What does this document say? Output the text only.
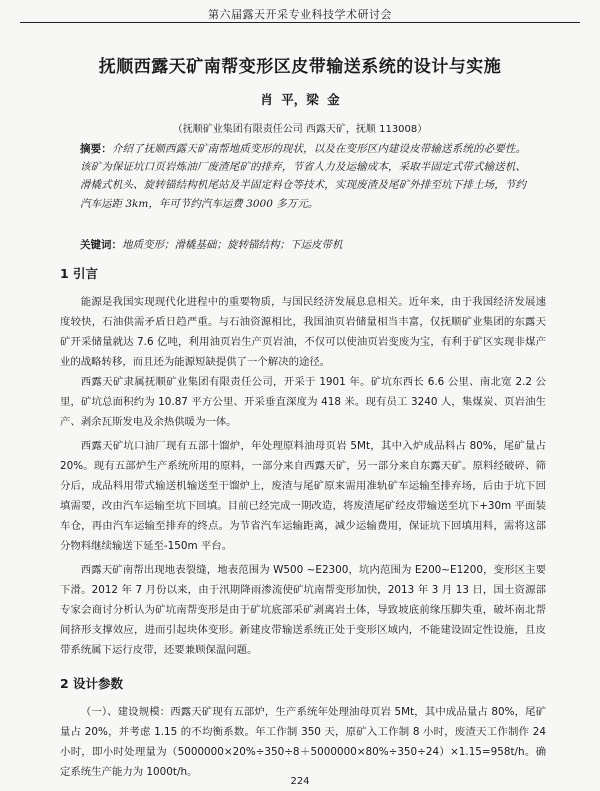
第六届露天开采专业科技学术研讨会
抚顺西露天矿南帮变形区皮带输送系统的设计与实施
肖 平，梁 金
（抚顺矿业集团有限责任公司 西露天矿，抚顺 113008）
摘要：介绍了抚顺西露天矿南帮地质变形的现状，以及在变形区内建设皮带输送系统的必要性。该矿为保证坑口页岩炼油厂废渣尾矿的排弃，节省人力及运输成本，采取半固定式带式输送机、滑橇式机头、旋转锚结构机尾站及半固定料仓等技术，实现废渣及尾矿外排至坑下排土场，节约汽车运距 3km，年可节约汽车运费 3000 多万元。
关键词：地质变形；滑橇基础；旋转锚结构；下运皮带机
1 引言
能源是我国实现现代化进程中的重要物质，与国民经济发展息息相关。近年来，由于我国经济发展速度较快，石油供需矛盾日趋严重。与石油资源相比，我国油页岩储量相当丰富，仅抚顺矿业集团的东露天矿开采储量就达 7.6 亿吨，利用油页岩生产页岩油，不仅可以使油页岩变废为宝，有利于矿区实现非煤产业的战略转移，而且还为能源短缺提供了一个解决的途径。
西露天矿隶属抚顺矿业集团有限责任公司，开采于 1901 年。矿坑东西长 6.6 公里、南北宽 2.2 公里，矿坑总面积约为 10.87 平方公里、开采垂直深度为 418 米。现有员工 3240 人，集煤炭、页岩油生产、剥余瓦斯发电及余热供暖为一体。
西露天矿坑口油厂现有五部十馏炉，年处理原料油母页岩 5Mt，其中入炉成品料占 80%，尾矿量占 20%。现有五部炉生产系统所用的原料，一部分来自西露天矿，另一部分来自东露天矿。原料经破碎、筛分后，成品料用带式输送机输送至干馏炉上，废渣与尾矿原来需用准轨矿车运输至排弃场，后由于坑下回填需要，改由汽车运输至坑下回填。目前已经完成一期改造，将废渣尾矿经皮带输送至坑下+30m 平面装车仓，再由汽车运输至排弃的终点。为节省汽车运输距离，减少运输费用，保证坑下回填用料，需将这部分物料继续输送下延至-150m 平台。
西露天矿南帮出现地表裂缝，地表范围为 W500 ~E2300，坑内范围为 E200~E1200，变形区主要下滑。2012 年 7 月份以来，由于汛期降雨渗流使矿坑南帮变形加快，2013 年 3 月 13 日，国土资源部专家会商讨分析认为矿坑南帮变形是由于矿坑底部采矿剥离岩土体，导致坡底前缘压脚失重，破坏南北帮间挤形支撑效应，进而引起块体变形。新建皮带输送系统正处于变形区域内，不能建设固定性设施，且皮带系统属下运行皮带，还要兼顾保温问题。
2 设计参数
（一）、建设规模：西露天矿现有五部炉，生产系统年处理油母页岩 5Mt，其中成品量占 80%，尾矿量占 20%，并考虑 1.15 的不均衡系数。年工作制 350 天，原矿入工作制 8 小时，废渣天工作制作 24 小时，即小时处理量为（5000000×20%÷350÷8＋5000000×80%÷350÷24）×1.15=958t/h。确定系统生产能力为 1000t/h。
224
